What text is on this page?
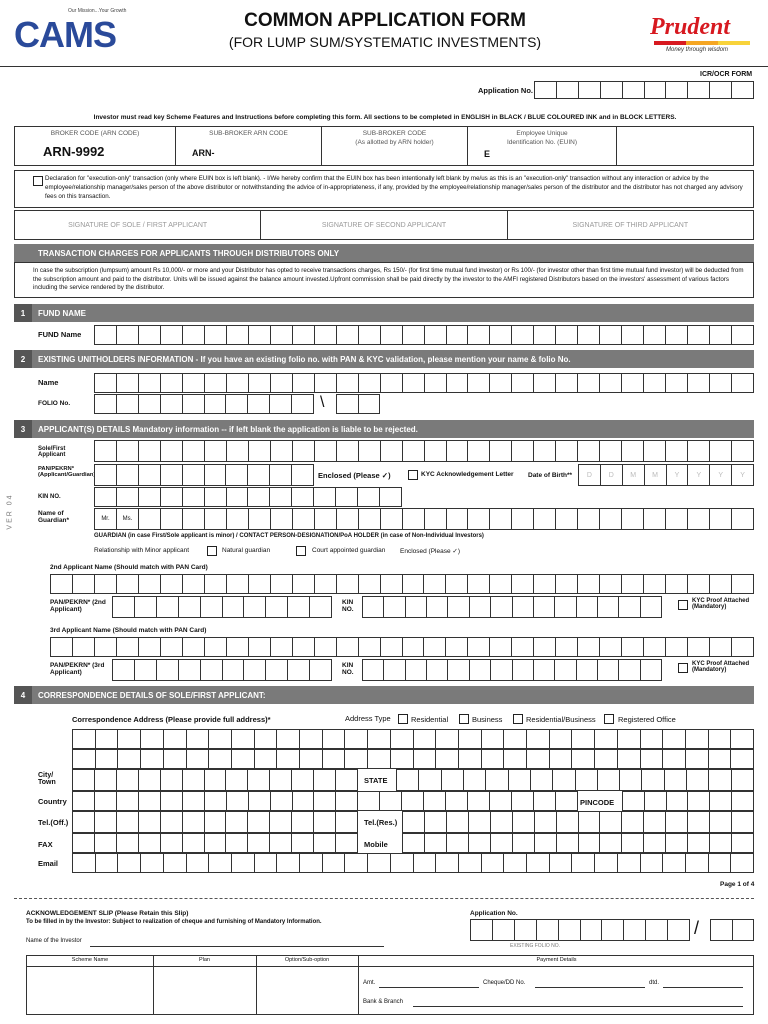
Our Mission...Your Growth
CAMS	COMMON APPLICATION FORM
(FOR LUMP SUM/SYSTEMATIC INVESTMENTS)
Prudent
Money through wisdom
ICR/OCR FORM
Application No.
Investor must read key Scheme Features and Instructions before completing this form. All sections to be completed in ENGLISH in BLACK / BLUE COLOURED INK and in BLOCK LETTERS.
BROKER CODE (ARN CODE)
ARN-9992
SUB-BROKER ARN CODE
ARN-
SUB-BROKER CODE
(As allotted by ARN holder)
Employee Unique
Identification No. (EUIN)
E
Declaration for "execution-only" transaction (only where EUIN box is left blank). - I/We hereby confirm that the EUIN box has been intentionally left blank by me/us as this is an "execution-only" transaction without any interaction or advice by the employee/relationship manager/sales person of the above distributor or notwithstanding the advice of in-appropriateness, if any, provided by the employee/relationship manager/sales person of the distributor and the distributor has not charged any advisory fees on this transaction.
SIGNATURE OF SOLE / FIRST APPLICANT	SIGNATURE OF SECOND APPLICANT	SIGNATURE OF THIRD APPLICANT
TRANSACTION CHARGES FOR APPLICANTS THROUGH DISTRIBUTORS ONLY
In case the subscription (lumpsum) amount Rs 10,000/- or more and your Distributor has opted to receive transactions charges, Rs 150/- (for first time mutual fund investor) or Rs 100/- (for investor other than first time mutual fund investor) will be deducted from the subscription amount and paid to the distributor. Units will be issued against the balance amount invested.Upfront commission shall be paid directly by the investor to the AMFI registered Distributors based on the investors' assessment of various factors including the service rendered by the distributor.
1	FUND NAME
FUND Name
2	EXISTING UNITHOLDERS INFORMATION - If you have an existing folio no. with PAN & KYC validation, please mention your name & folio No.
Name
FOLIO No.	\
3	APPLICANT(S) DETAILS Mandatory information -- if left blank the application is liable to be rejected.
VER 04
Sole/First Applicant
PAN/PEKRN* (Applicant/Guardian)	Enclosed (Please ✓)	KYC Acknowledgement Letter Date of Birth**	D	D	M	M	Y	Y	Y	Y
KIN NO.
Name of Guardian*	Mr.	Ms.
GUARDIAN (in case First/Sole applicant is minor) / CONTACT PERSON-DESIGNATION/PoA HOLDER (in case of Non-Individual Investors)
Relationship with Minor applicant	Natural guardian	Court appointed guardian Enclosed (Please ✓)
2nd Applicant Name (Should match with PAN Card)
PAN/PEKRN* (2nd Applicant)
KIN NO.
KYC Proof Attached (Mandatory)
3rd Applicant Name (Should match with PAN Card)
PAN/PEKRN* (3rd Applicant)
KIN NO.
KYC Proof Attached (Mandatory)
4	CORRESPONDENCE DETAILS OF SOLE/FIRST APPLICANT:
Correspondence Address (Please provide full address)*	Address Type	Residential	Business	Residential/Business	Registered Office
City/ Town	STATE
Country	PINCODE
Tel.(Off.)	Tel.(Res.)
FAX	Mobile
Email
Page 1 of 4
ACKNOWLEDGEMENT SLIP (Please Retain this Slip)
To be filled in by the Investor: Subject to realization of cheque and furnishing of Mandatory Information.
Application No.
/
EXISTING FOLIO NO.
Name of the Investor
Scheme Name	Plan	Option/Sub-option	Payment Details
Amt.	Cheque/DD No.	dtd.
Bank & Branch
